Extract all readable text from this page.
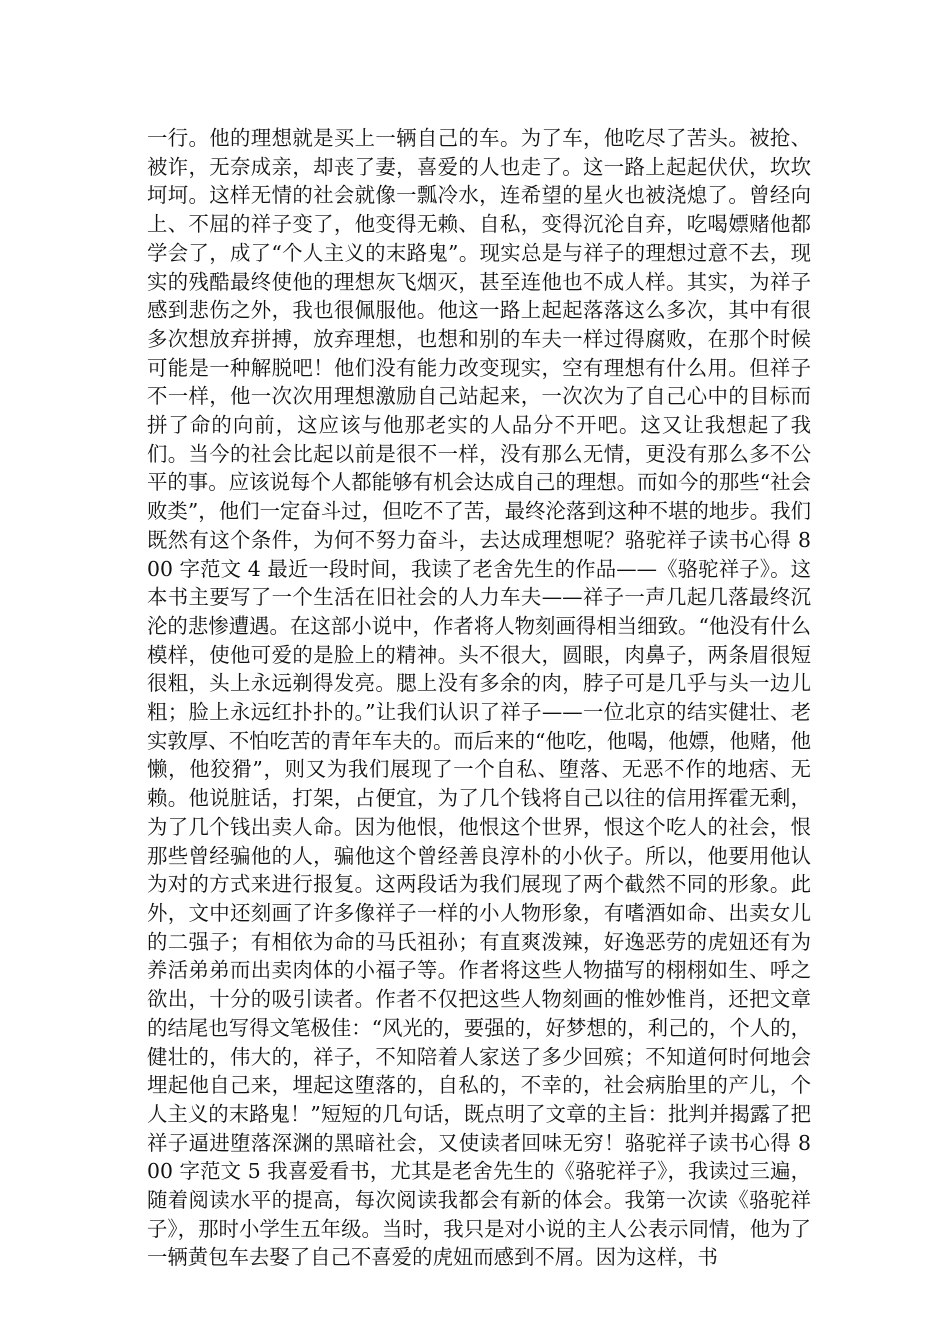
一行。他的理想就是买上一辆自己的车。为了车，他吃尽了苦头。被抢、被诈，无奈成亲，却丧了妻，喜爱的人也走了。这一路上起起伏伏，坎坎坷坷。这样无情的社会就像一瓢冷水，连希望的星火也被浇熄了。曾经向上、不屈的祥子变了，他变得无赖、自私，变得沉沦自弃，吃喝嫖赌他都学会了，成了“个人主义的末路鬼”。现实总是与祥子的理想过意不去，现实的残酷最终使他的理想灰飞烟灭，甚至连他也不成人样。其实，为祥子感到悲伤之外，我也很佩服他。他这一路上起起落落这么多次，其中有很多次想放弃拼搏，放弃理想，也想和别的车夫一样过得腐败，在那个时候可能是一种解脱吧！他们没有能力改变现实，空有理想有什么用。但祥子不一样，他一次次用理想激励自己站起来，一次次为了自己心中的目标而拼了命的向前，这应该与他那老实的人品分不开吧。这又让我想起了我们。当今的社会比起以前是很不一样，没有那么无情，更没有那么多不公平的事。应该说每个人都能够有机会达成自己的理想。而如今的那些“社会败类”，他们一定奋斗过，但吃不了苦，最终沦落到这种不堪的地步。我们既然有这个条件，为何不努力奋斗，去达成理想呢？骆驼祥子读书心得 800 字范文 4 最近一段时间，我读了老舍先生的作品——《骆驼祥子》。这本书主要写了一个生活在旧社会的人力车夫——祥子一声几起几落最终沉沦的悲惨遭遇。在这部小说中，作者将人物刻画得相当细致。“他没有什么模样，使他可爱的是脸上的精神。头不很大，圆眼，肉鼻子，两条眉很短很粗，头上永远剃得发亮。腮上没有多余的肉，脖子可是几乎与头一边儿粗；脸上永远红扑扑的。”让我们认识了祥子——一位北京的结实健壮、老实敦厚、不怕吃苦的青年车夫的。而后来的“他吃，他喝，他嫖，他赌，他懒，他狡猾”，则又为我们展现了一个自私、堕落、无恶不作的地痞、无赖。他说脏话，打架，占便宜，为了几个钱将自己以往的信用挥霍无剩，为了几个钱出卖人命。因为他恨，他恨这个世界，恨这个吃人的社会，恨那些曾经骗他的人，骗他这个曾经善良淳朴的小伙子。所以，他要用他认为对的方式来进行报复。这两段话为我们展现了两个截然不同的形象。此外，文中还刻画了许多像祥子一样的小人物形象，有嗜酒如命、出卖女儿的二强子；有相依为命的马氏祖孙；有直爽泼辣，好逸恶劳的虎妞还有为养活弟弟而出卖肉体的小福子等。作者将这些人物描写的栩栩如生、呼之欲出，十分的吸引读者。作者不仅把这些人物刻画的惟妙惟肖，还把文章的结尾也写得文笔极佳：“风光的，要强的，好梦想的，利己的，个人的，健壮的，伟大的，祥子，不知陪着人家送了多少回殡；不知道何时何地会埋起他自己来，埋起这堕落的，自私的，不幸的，社会病胎里的产儿，个人主义的末路鬼！”短短的几句话，既点明了文章的主旨：批判并揭露了把祥子逼进堕落深渊的黑暗社会，又使读者回味无穷！骆驼祥子读书心得 800 字范文 5 我喜爱看书，尤其是老舍先生的《骆驼祥子》，我读过三遍，随着阅读水平的提高，每次阅读我都会有新的体会。我第一次读《骆驼祥子》，那时小学生五年级。当时，我只是对小说的主人公表示同情，他为了一辆黄包车去娶了自己不喜爱的虎妞而感到不屑。因为这样，书
